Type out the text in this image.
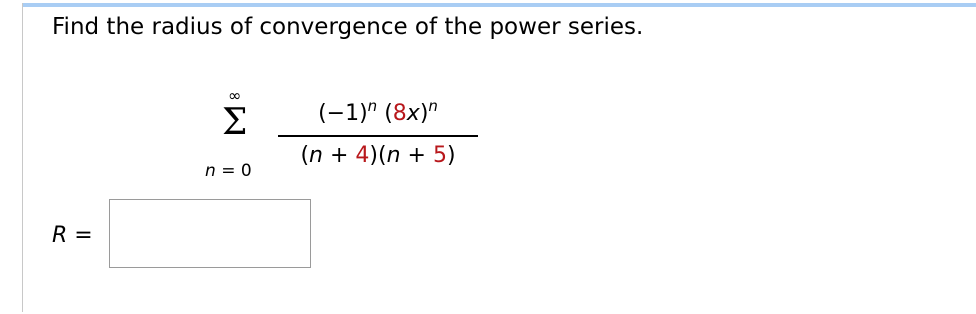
Find the radius of convergence of the power series.
∞
Σ
n = 0
$(-1)^n$ $(8x)^n$
(n + 4)(n + 5)
R =
